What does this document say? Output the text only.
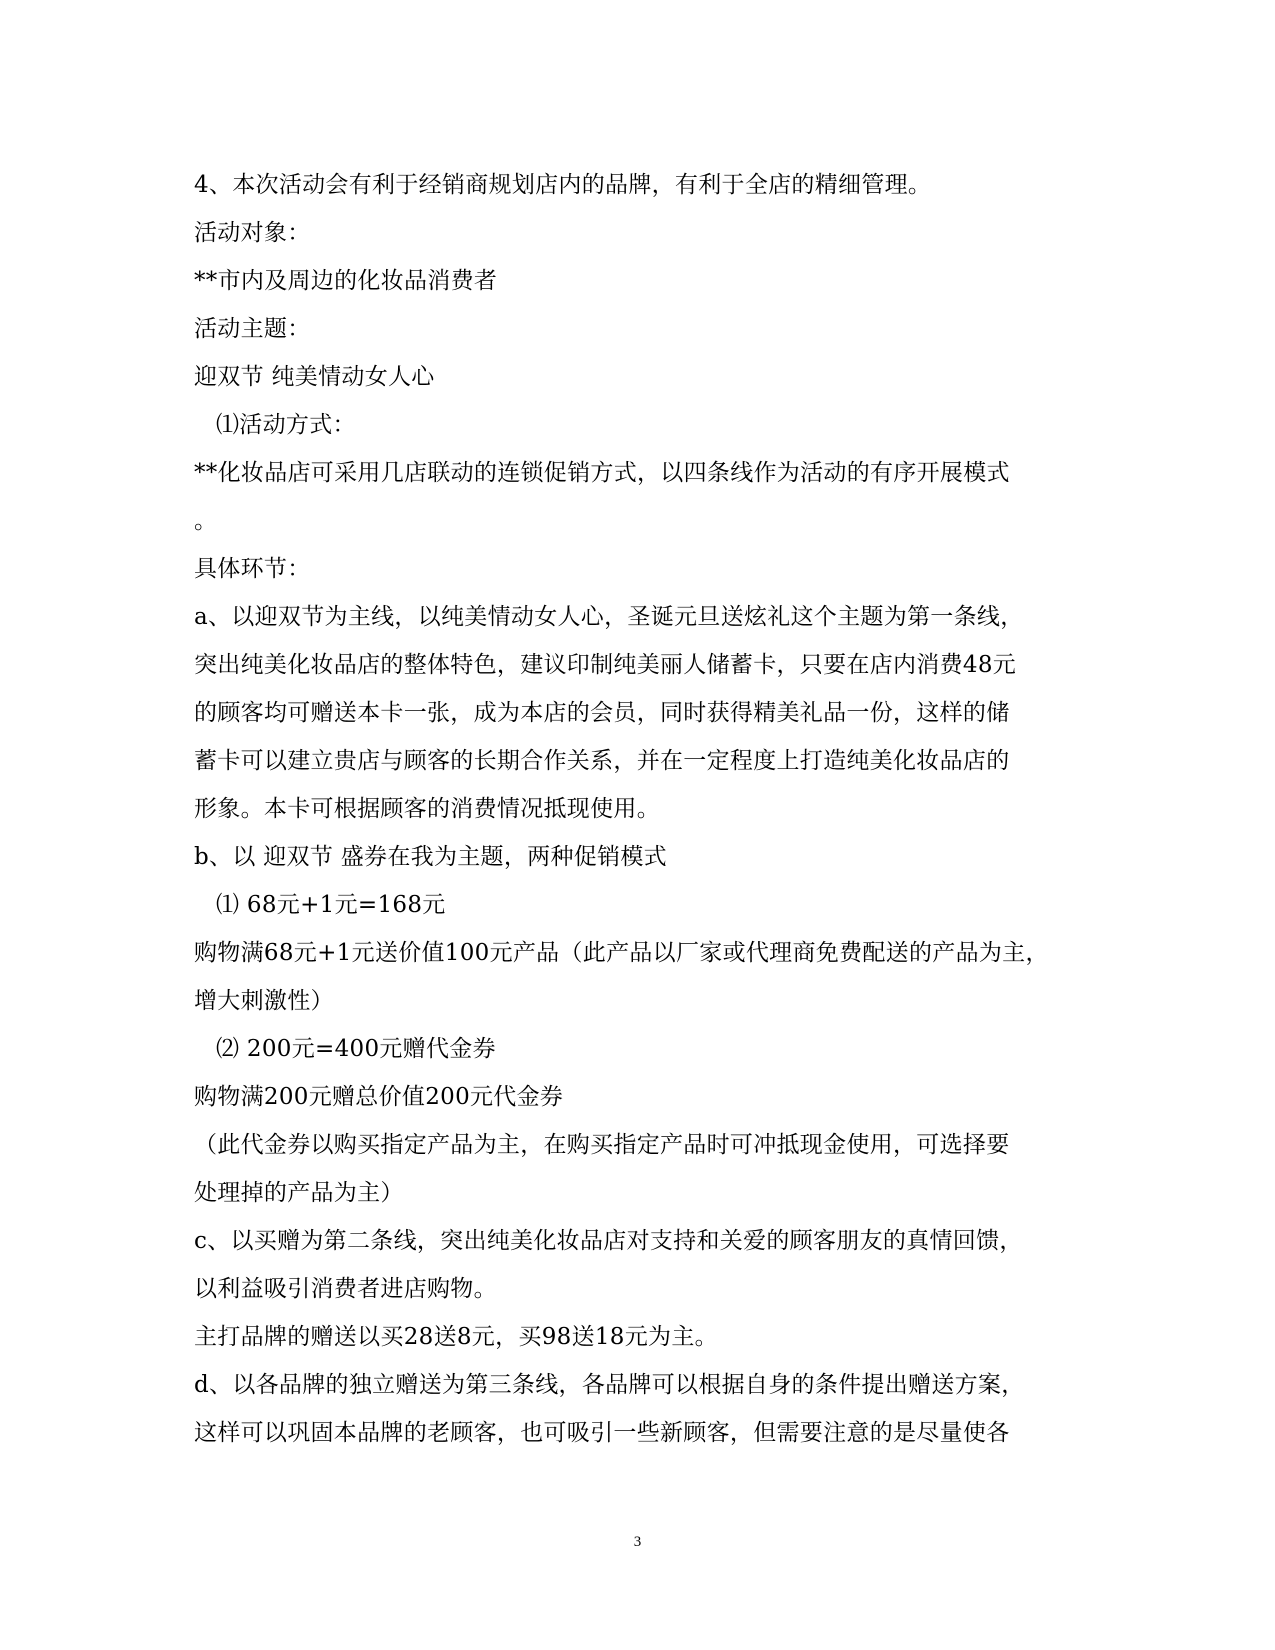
4、本次活动会有利于经销商规划店内的品牌，有利于全店的精细管理。
活动对象：
**市内及周边的化妆品消费者
活动主题：
迎双节 纯美情动女人心
⑴活动方式：
**化妆品店可采用几店联动的连锁促销方式，以四条线作为活动的有序开展模式
。
具体环节：
a、以迎双节为主线，以纯美情动女人心，圣诞元旦送炫礼这个主题为第一条线，
突出纯美化妆品店的整体特色，建议印制纯美丽人储蓄卡，只要在店内消费48元
的顾客均可赠送本卡一张，成为本店的会员，同时获得精美礼品一份，这样的储
蓄卡可以建立贵店与顾客的长期合作关系，并在一定程度上打造纯美化妆品店的
形象。本卡可根据顾客的消费情况抵现使用。
b、以 迎双节 盛券在我为主题，两种促销模式
⑴ 68元+1元=168元
购物满68元+1元送价值100元产品（此产品以厂家或代理商免费配送的产品为主，
增大刺激性）
⑵ 200元=400元赠代金券
购物满200元赠总价值200元代金券
（此代金券以购买指定产品为主，在购买指定产品时可冲抵现金使用，可选择要
处理掉的产品为主）
c、以买赠为第二条线，突出纯美化妆品店对支持和关爱的顾客朋友的真情回馈，
以利益吸引消费者进店购物。
主打品牌的赠送以买28送8元，买98送18元为主。
d、以各品牌的独立赠送为第三条线，各品牌可以根据自身的条件提出赠送方案，
这样可以巩固本品牌的老顾客，也可吸引一些新顾客，但需要注意的是尽量使各
3
